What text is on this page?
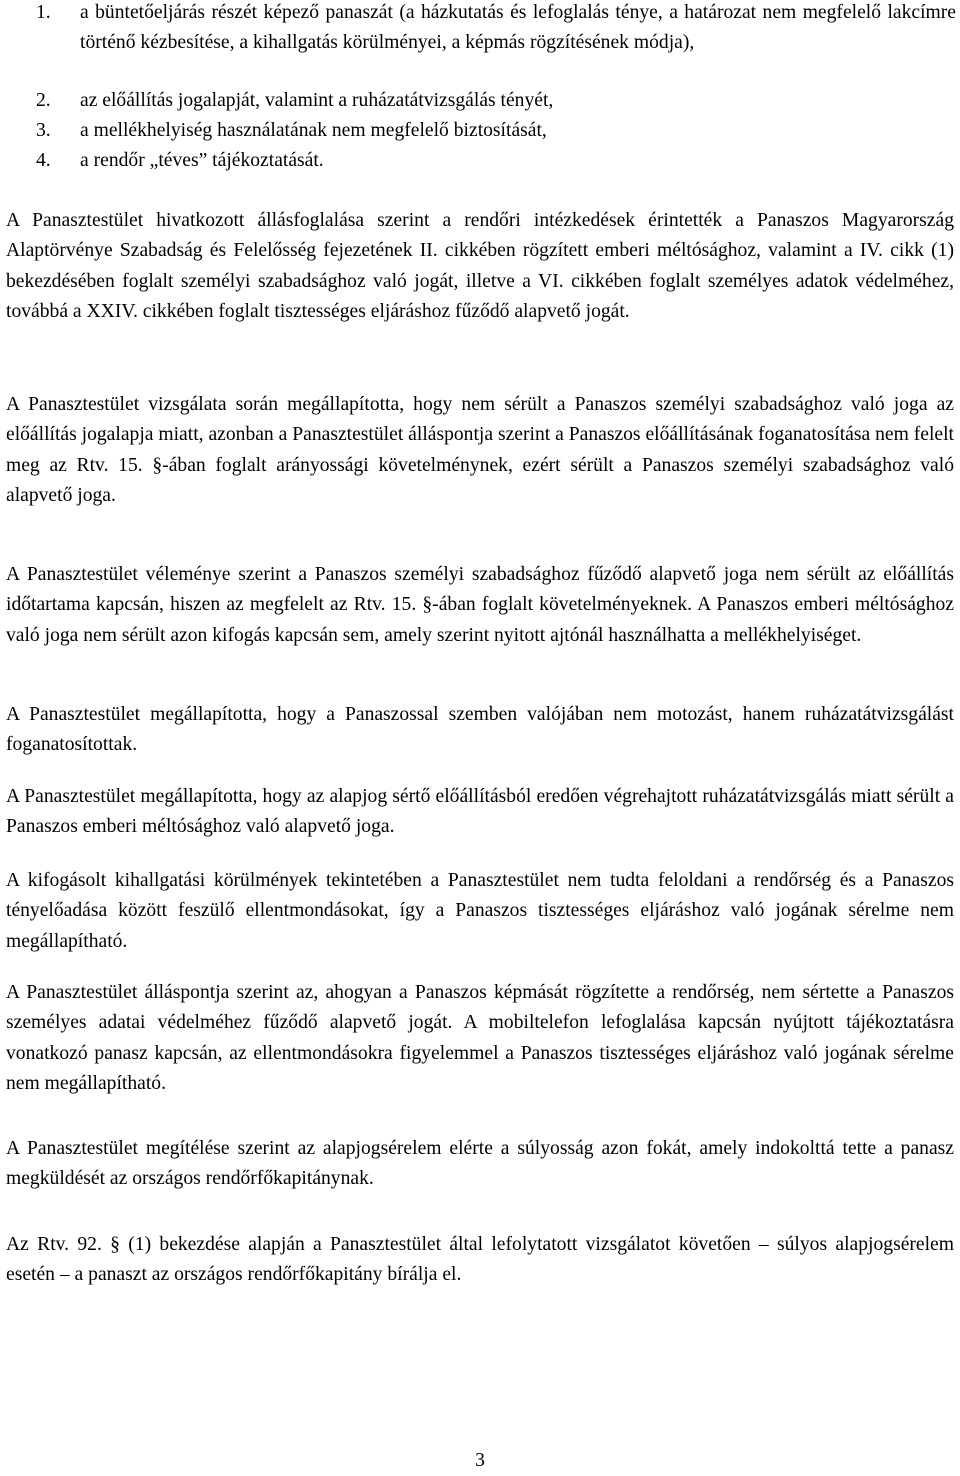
1. a büntetőeljárás részét képező panaszát (a házkutatás és lefoglalás ténye, a határozat nem megfelelő lakcímre történő kézbesítése, a kihallgatás körülményei, a képmás rögzítésének módja),
2. az előállítás jogalapját, valamint a ruházatátvizsgálás tényét,
3. a mellékhelyiség használatának nem megfelelő biztosítását,
4. a rendőr „téves” tájékoztatását.

A Panasztestület hivatkozott állásfoglalása szerint a rendőri intézkedések érintették a Panaszos Magyarország Alaptörvénye Szabadság és Felelősség fejezetének II. cikkében rögzített emberi méltósághoz, valamint a IV. cikk (1) bekezdésében foglalt személyi szabadsághoz való jogát, illetve a VI. cikkében foglalt személyes adatok védelméhez, továbbá a XXIV. cikkében foglalt tisztességes eljáráshoz fűződő alapvető jogát.

A Panasztestület vizsgálata során megállapította, hogy nem sérült a Panaszos személyi szabadsághoz való joga az előállítás jogalapja miatt, azonban a Panasztestület álláspontja szerint a Panaszos előállításának foganatosítása nem felelt meg az Rtv. 15. §-ában foglalt arányossági követelménynek, ezért sérült a Panaszos személyi szabadsághoz való alapvető joga.

A Panasztestület véleménye szerint a Panaszos személyi szabadsághoz fűződő alapvető joga nem sérült az előállítás időtartama kapcsán, hiszen az megfelelt az Rtv. 15. §-ában foglalt követelményeknek. A Panaszos emberi méltósághoz való joga nem sérült azon kifogás kapcsán sem, amely szerint nyitott ajtónál használhatta a mellékhelyiséget.

A Panasztestület megállapította, hogy a Panaszossal szemben valójában nem motozást, hanem ruházatátvizsgálást foganatosítottak.

A Panasztestület megállapította, hogy az alapjog sértő előállításból eredően végrehajtott ruházatátvizsgálás miatt sérült a Panaszos emberi méltósághoz való alapvető joga.

A kifogásolt kihallgatási körülmények tekintetében a Panasztestület nem tudta feloldani a rendőrség és a Panaszos tényelőadása között feszülő ellentmondásokat, így a Panaszos tisztességes eljáráshoz való jogának sérelme nem megállapítható.

A Panasztestület álláspontja szerint az, ahogyan a Panaszos képmását rögzítette a rendőrség, nem sértette a Panaszos személyes adatai védelméhez fűződő alapvető jogát. A mobiltelefon lefoglalása kapcsán nyújtott tájékoztatásra vonatkozó panasz kapcsán, az ellentmondásokra figyelemmel a Panaszos tisztességes eljáráshoz való jogának sérelme nem megállapítható.

A Panasztestület megítélése szerint az alapjogsérelem elérte a súlyosság azon fokát, amely indokolttá tette a panasz megküldését az országos rendőrfőkapitánynak.

Az Rtv. 92. § (1) bekezdése alapján a Panasztestület által lefolytatott vizsgálatot követően – súlyos alapjogsérelem esetén – a panaszt az országos rendőrfőkapitány bírálja el.

3
